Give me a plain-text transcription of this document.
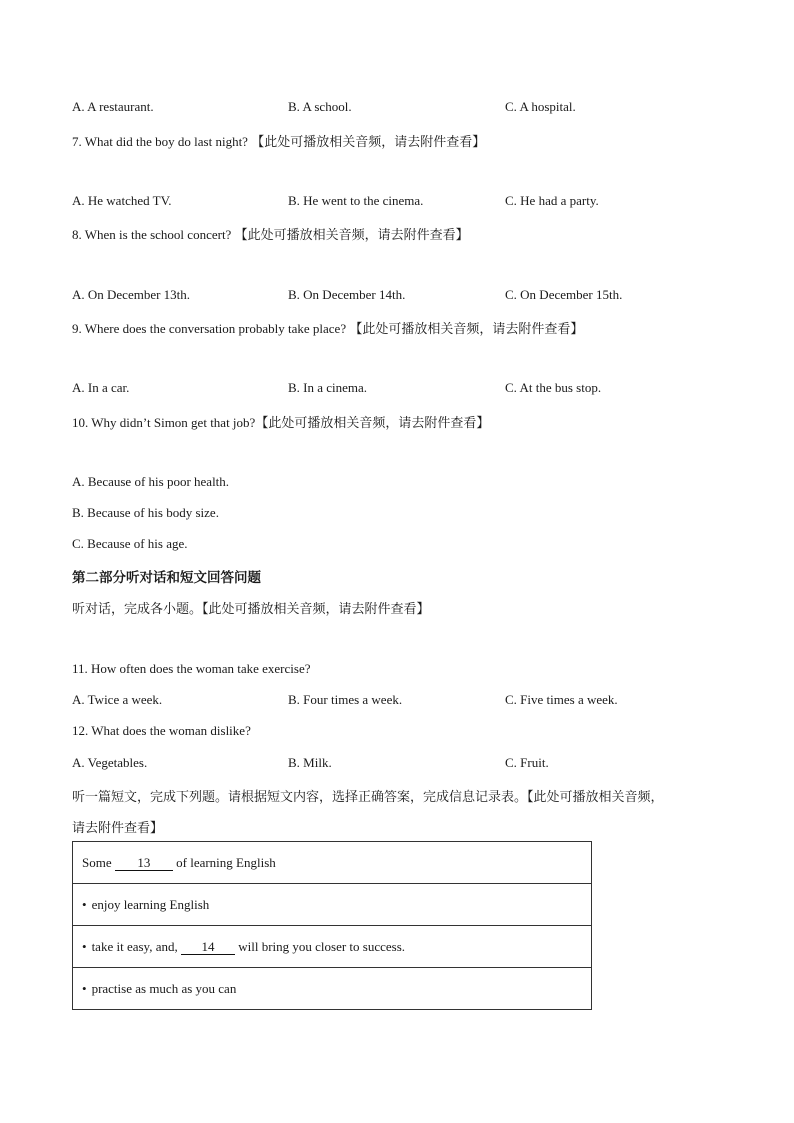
A. A restaurant.	B. A school.	C. A hospital.
7. What did the boy do last night? 【此处可播放相关音频，请去附件查看】
A. He watched TV.	B. He went to the cinema.	C. He had a party.
8. When is the school concert? 【此处可播放相关音频，请去附件查看】
A. On December 13th.	B. On December 14th.	C. On December 15th.
9. Where does the conversation probably take place? 【此处可播放相关音频，请去附件查看】
A. In a car.	B. In a cinema.	C. At the bus stop.
10. Why didn’t Simon get that job?【此处可播放相关音频，请去附件查看】
A. Because of his poor health.
B. Because of his body size.
C. Because of his age.
第二部分听对话和短文回答问题
听对话，完成各小题。【此处可播放相关音频，请去附件查看】
11. How often does the woman take exercise?
A. Twice a week.	B. Four times a week.	C. Five times a week.
12. What does the woman dislike?
A. Vegetables.	B. Milk.	C. Fruit.
听一篇短文，完成下列题。请根据短文内容，选择正确答案，完成信息记录表。【此处可播放相关音频，
请去附件查看】
Some 13 of learning English
• enjoy learning English
• take it easy, and, 14 will bring you closer to success.
• practise as much as you can
